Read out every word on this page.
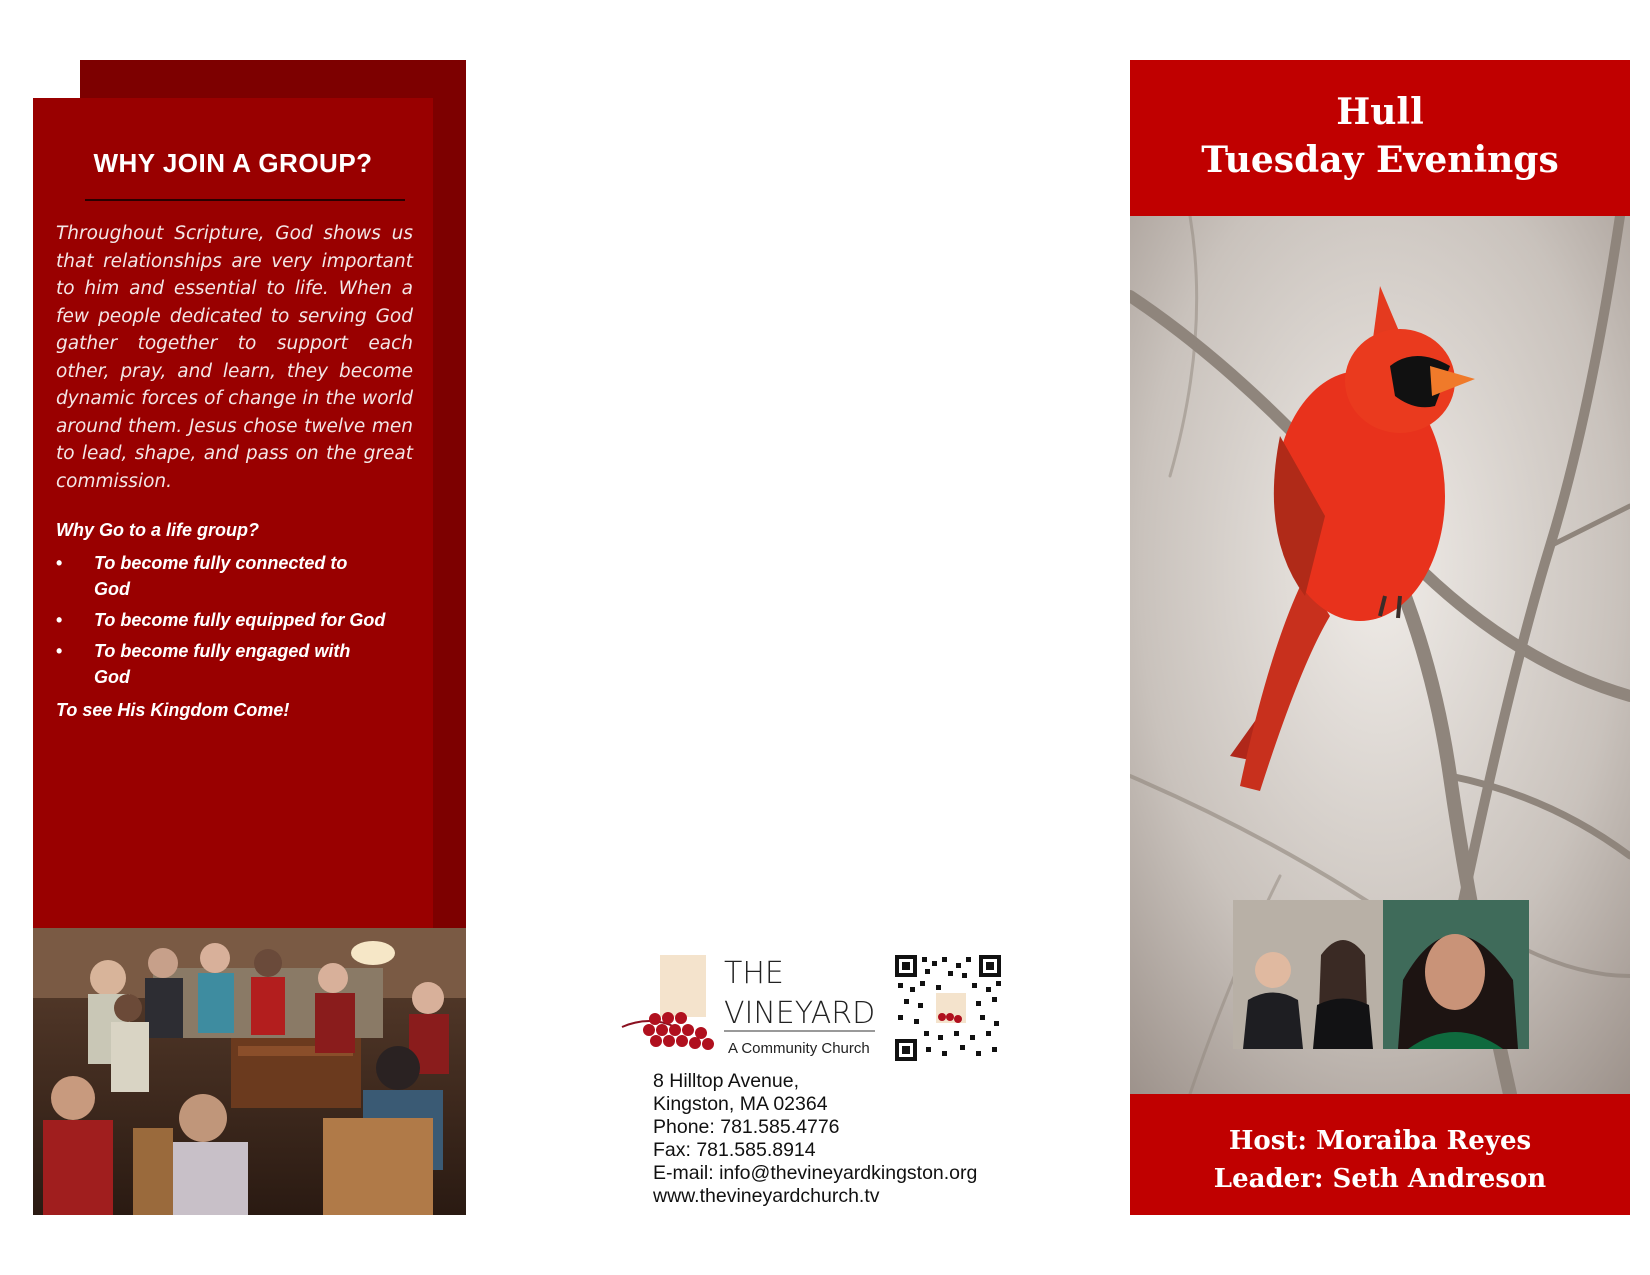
WHY JOIN A GROUP?
Throughout Scripture, God shows us that relationships are very important to him and essential to life. When a few people dedicated to serving God gather together to support each other, pray, and learn, they become dynamic forces of change in the world around them. Jesus chose twelve men to lead, shape, and pass on the great commission.
Why Go to a life group?
• To become fully connected to God
• To become fully equipped for God
• To become fully engaged with God
To see His Kingdom Come!
THE
VINEYARD
A Community Church
8 Hilltop Avenue,
Kingston, MA 02364
Phone: 781.585.4776
Fax: 781.585.8914
E-mail: info@thevineyardkingston.org
www.thevineyardchurch.tv
Hull
Tuesday Evenings
Host: Moraiba Reyes
Leader: Seth Andreson
